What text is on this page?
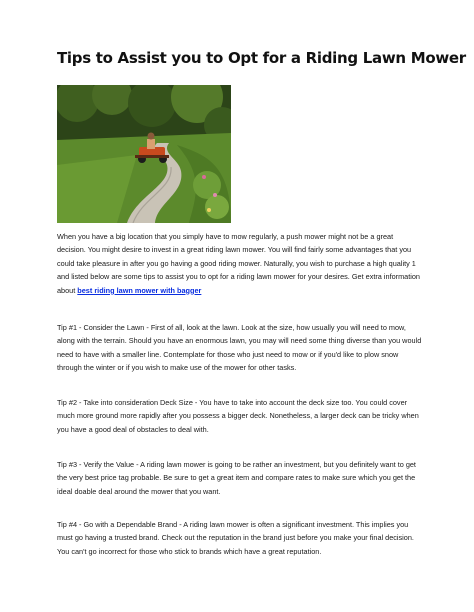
Tips to Assist you to Opt for a Riding Lawn Mower

When you have a big location that you simply have to mow regularly, a push mower might not be a great decision. You might desire to invest in a great riding lawn mower. You will find fairly some advantages that you could take pleasure in after you go having a good riding mower. Naturally, you wish to purchase a high quality 1 and listed below are some tips to assist you to opt for a riding lawn mower for your desires. Get extra information about best riding lawn mower with bagger

Tip #1 - Consider the Lawn - First of all, look at the lawn. Look at the size, how usually you will need to mow, along with the terrain. Should you have an enormous lawn, you may will need some thing diverse than you would need to have with a smaller line. Contemplate for those who just need to mow or if you'd like to plow snow through the winter or if you wish to make use of the mower for other tasks.

Tip #2 - Take into consideration Deck Size - You have to take into account the deck size too. You could cover much more ground more rapidly after you possess a bigger deck. Nonetheless, a larger deck can be tricky when you have a good deal of obstacles to deal with.

Tip #3 - Verify the Value - A riding lawn mower is going to be rather an investment, but you definitely want to get the very best price tag probable. Be sure to get a great item and compare rates to make sure which you get the ideal doable deal around the mower that you want.

Tip #4 - Go with a Dependable Brand - A riding lawn mower is often a significant investment. This implies you must go having a trusted brand. Check out the reputation in the brand just before you make your final decision. You can't go incorrect for those who stick to brands which have a great reputation.
